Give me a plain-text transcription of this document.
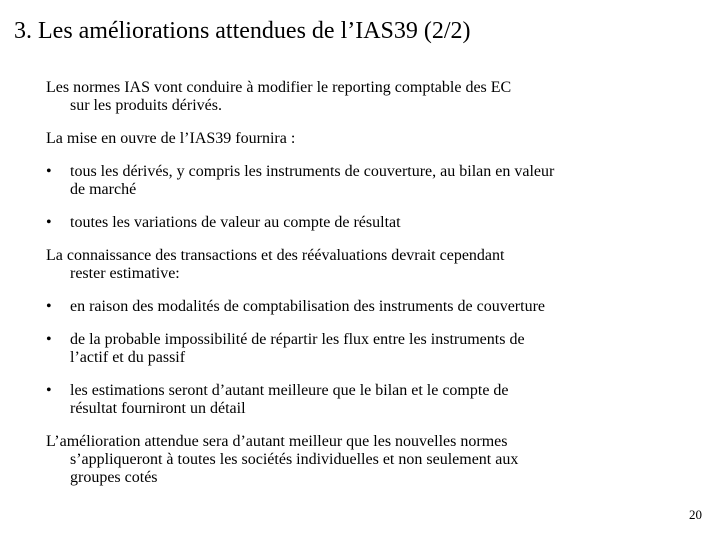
3. Les améliorations attendues de l’IAS39 (2/2)

Les normes IAS vont conduire à modifier le reporting comptable des EC
sur les produits dérivés.

La mise en ouvre de l’IAS39 fournira :

•	tous les dérivés, y compris les instruments de couverture, au bilan en valeur
de marché
•	toutes les variations de valeur au compte de résultat

La connaissance des transactions et des réévaluations devrait cependant
rester estimative:

•	en raison des modalités de comptabilisation des instruments de couverture
•	de la probable impossibilité de répartir les flux entre les instruments de
l’actif et du passif
•	les estimations seront d’autant meilleure que le bilan et le compte de
résultat fourniront un détail

L’amélioration attendue sera d’autant meilleur que les nouvelles normes
s’appliqueront à toutes les sociétés individuelles et non seulement aux
groupes cotés

20
